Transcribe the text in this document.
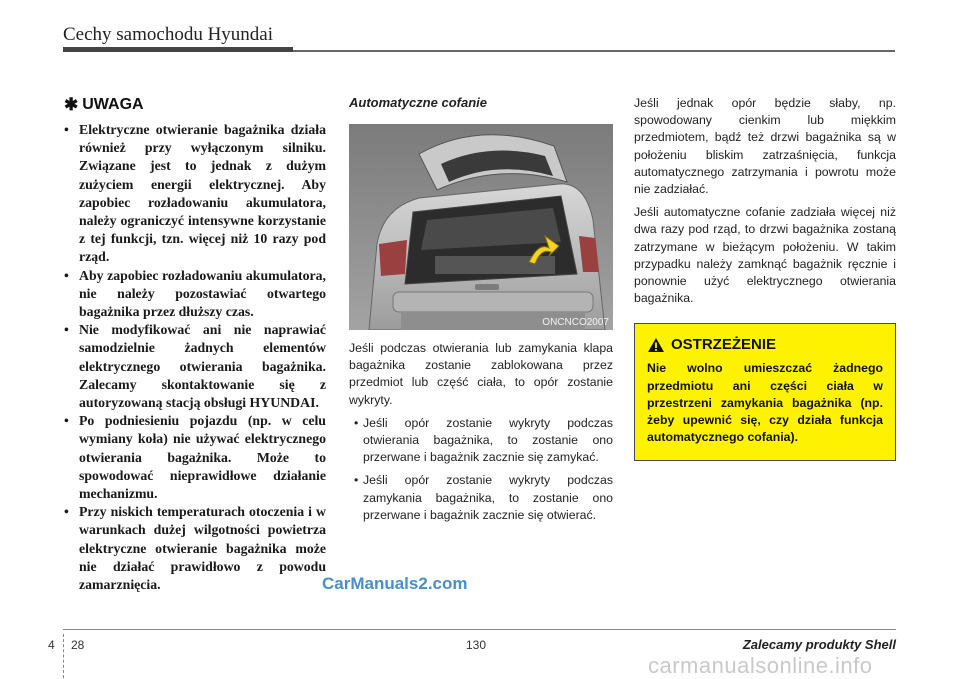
Cechy samochodu Hyundai
✱ UWAGA
• Elektryczne otwieranie bagażnika działa również przy wyłączonym silniku. Związane jest to jednak z dużym zużyciem energii elektrycznej. Aby zapobiec rozładowaniu akumulatora, należy ograniczyć intensywne korzystanie z tej funkcji, tzn. więcej niż 10 razy pod rząd.
• Aby zapobiec rozładowaniu akumulatora, nie należy pozostawiać otwartego bagażnika przez dłuższy czas.
• Nie modyfikować ani nie naprawiać samodzielnie żadnych elementów elektrycznego otwierania bagażnika. Zalecamy skontaktowanie się z autoryzowaną stacją obsługi HYUNDAI.
• Po podniesieniu pojazdu (np. w celu wymiany koła) nie używać elektrycznego otwierania bagażnika. Może to spowodować nieprawidłowe działanie mechanizmu.
• Przy niskich temperaturach otoczenia i w warunkach dużej wilgotności powietrza elektryczne otwieranie bagażnika może nie działać prawidłowo z powodu zamarznięcia.
Automatyczne cofanie
ONCNCO2007
Jeśli podczas otwierania lub zamykania klapa bagażnika zostanie zablokowana przez przedmiot lub część ciała, to opór zostanie wykryty.
• Jeśli opór zostanie wykryty podczas otwierania bagażnika, to zostanie ono przerwane i bagażnik zacznie się zamykać.
• Jeśli opór zostanie wykryty podczas zamykania bagażnika, to zostanie ono przerwane i bagażnik zacznie się otwierać.
Jeśli jednak opór będzie słaby, np. spowodowany cienkim lub miękkim przedmiotem, bądź też drzwi bagażnika są w położeniu bliskim zatrzaśnięcia, funkcja automatycznego zatrzymania i powrotu może nie zadziałać.
Jeśli automatyczne cofanie zadziała więcej niż dwa razy pod rząd, to drzwi bagażnika zostaną zatrzymane w bieżącym położeniu. W takim przypadku należy zamknąć bagażnik ręcznie i ponownie użyć elektrycznego otwierania bagażnika.
OSTRZEŻENIE
Nie wolno umieszczać żadnego przedmiotu ani części ciała w przestrzeni zamykania bagażnika (np. żeby upewnić się, czy działa funkcja automatycznego cofania).
CarManuals2.com
4 28	130	Zalecamy produkty Shell
carmanualsonline.info
